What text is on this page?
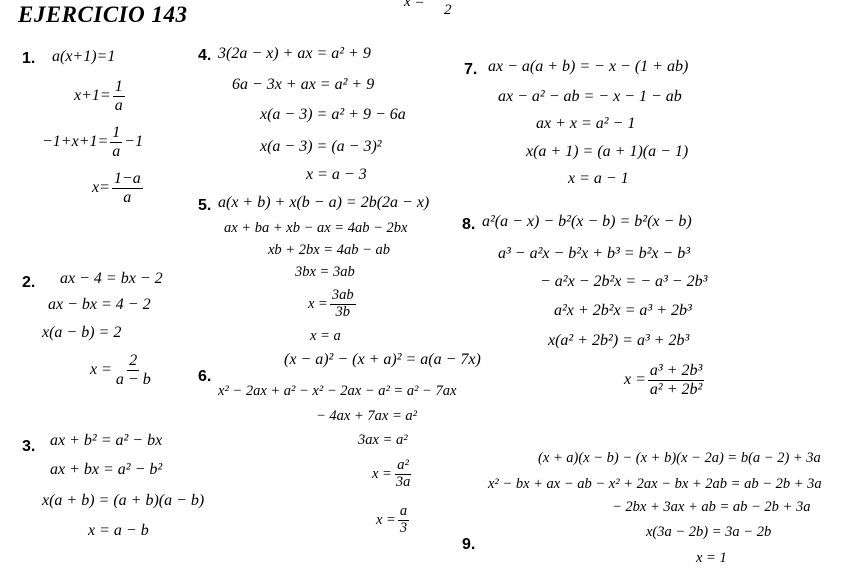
EJERCICIO 143	x = 2
1. a(x+1)=1
$x+1= \frac{1}{a}$
$-1+x+1= \frac{1}{a} -1$
$x= \frac{1-a}{a}$
2. ax − 4 = bx − 2
ax − bx = 4 − 2
x(a − b) = 2
$x = \frac{2}{a - b}$
3. ax + b² = a² − bx
ax + bx = a² − b²
x(a + b) = (a + b)(a − b)
x = a − b
4. 3(2a − x) + ax = a² + 9
6a − 3x + ax = a² + 9
x(a − 3) = a² + 9 − 6a
x(a − 3) = (a − 3)²
x = a − 3
5. a(x + b) + x(b − a) = 2b(2a − x)
ax + ba + xb − ax = 4ab − 2bx
xb + 2bx = 4ab − ab
3bx = 3ab
$x = \frac{3ab}{3b}$
x = a
6.
(x − a)² − (x + a)² = a(a − 7x)
x² − 2ax + a² − x² − 2ax − a² = a² − 7ax
− 4ax + 7ax = a²
3ax = a²
$x = \frac{\text{a²}}{3a}$
$x = \frac{a}{3}$
7. ax − a(a + b) = − x − (1 + ab)
ax − a² − ab = − x − 1 − ab
ax + x = a² − 1
x(a + 1) = (a + 1)(a − 1)
x = a − 1
8. a²(a − x) − b²(x − b) = b²(x − b)
a³ − a²x − b²x + b³ = b²x − b³
− a²x − 2b²x = − a³ − 2b³
a²x + 2b²x = a³ + 2b³
x(a² + 2b²) = a³ + 2b³
$x = \frac{\text{a³ + 2b³}}{\text{a² + 2b²}}$
9.
(x + a)(x − b) − (x + b)(x − 2a) = b(a − 2) + 3a
x² − bx + ax − ab − x² + 2ax − bx + 2ab = ab − 2b + 3a
− 2bx + 3ax + ab = ab − 2b + 3a
x(3a − 2b) = 3a − 2b
x = 1
